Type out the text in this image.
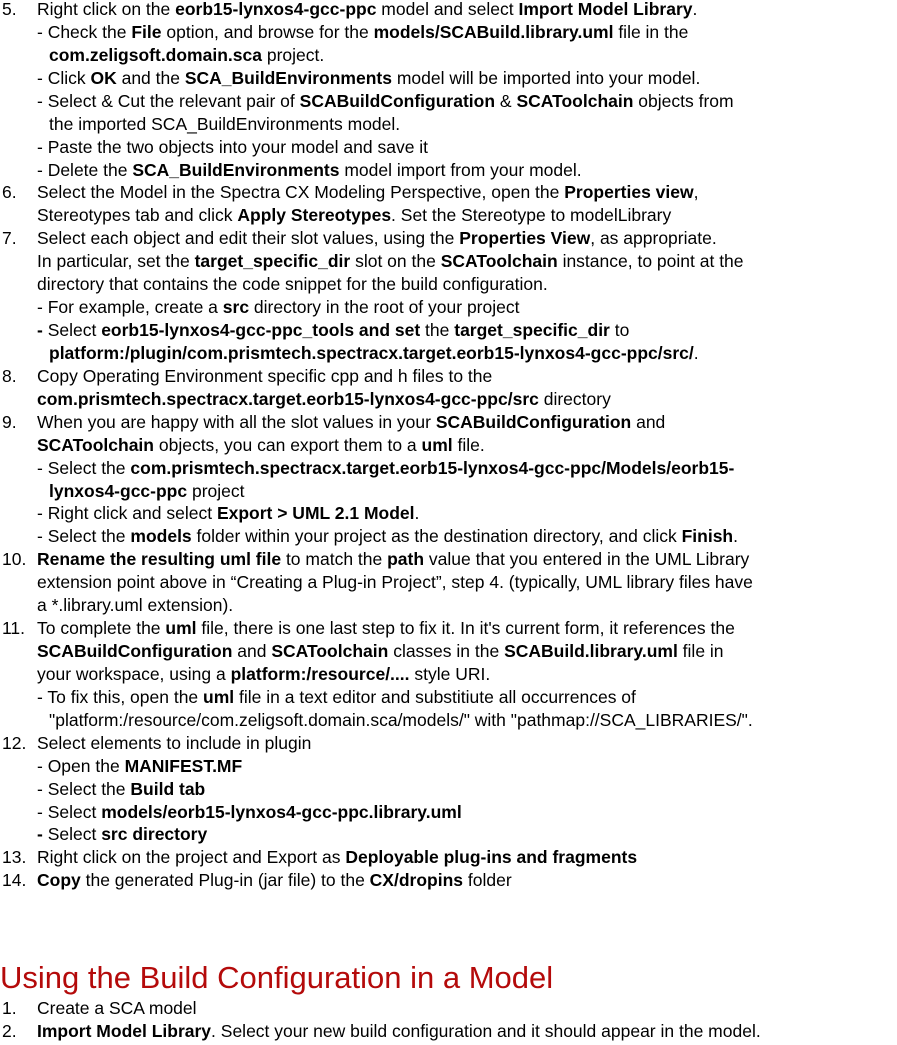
5. Right click on the eorb15-lynxos4-gcc-ppc model and select Import Model Library.
- Check the File option, and browse for the models/SCABuild.library.uml file in the
com.zeligsoft.domain.sca project.
- Click OK and the SCA_BuildEnvironments model will be imported into your model.
- Select & Cut the relevant pair of SCABuildConfiguration & SCAToolchain objects from
the imported SCA_BuildEnvironments model.
- Paste the two objects into your model and save it
- Delete the SCA_BuildEnvironments model import from your model.
6. Select the Model in the Spectra CX Modeling Perspective, open the Properties view,
Stereotypes tab and click Apply Stereotypes. Set the Stereotype to modelLibrary
7. Select each object and edit their slot values, using the Properties View, as appropriate.
In particular, set the target_specific_dir slot on the SCAToolchain instance, to point at the
directory that contains the code snippet for the build configuration.
- For example, create a src directory in the root of your project
- Select eorb15-lynxos4-gcc-ppc_tools and set the target_specific_dir to
platform:/plugin/com.prismtech.spectracx.target.eorb15-lynxos4-gcc-ppc/src/.
8. Copy Operating Environment specific cpp and h files to the
com.prismtech.spectracx.target.eorb15-lynxos4-gcc-ppc/src directory
9. When you are happy with all the slot values in your SCABuildConfiguration and
SCAToolchain objects, you can export them to a uml file.
- Select the com.prismtech.spectracx.target.eorb15-lynxos4-gcc-ppc/Models/eorb15-
lynxos4-gcc-ppc project
- Right click and select Export > UML 2.1 Model.
- Select the models folder within your project as the destination directory, and click Finish.
10. Rename the resulting uml file to match the path value that you entered in the UML Library
extension point above in “Creating a Plug-in Project”, step 4. (typically, UML library files have
a *.library.uml extension).
11. To complete the uml file, there is one last step to fix it. In it's current form, it references the
SCABuildConfiguration and SCAToolchain classes in the SCABuild.library.uml file in
your workspace, using a platform:/resource/.... style URI.
- To fix this, open the uml file in a text editor and substitiute all occurrences of
"platform:/resource/com.zeligsoft.domain.sca/models/" with "pathmap://SCA_LIBRARIES/".
12. Select elements to include in plugin
- Open the MANIFEST.MF
- Select the Build tab
- Select models/eorb15-lynxos4-gcc-ppc.library.uml
- Select src directory
13. Right click on the project and Export as Deployable plug-ins and fragments
14. Copy the generated Plug-in (jar file) to the CX/dropins folder
Using the Build Configuration in a Model
1. Create a SCA model
2. Import Model Library. Select your new build configuration and it should appear in the model.
